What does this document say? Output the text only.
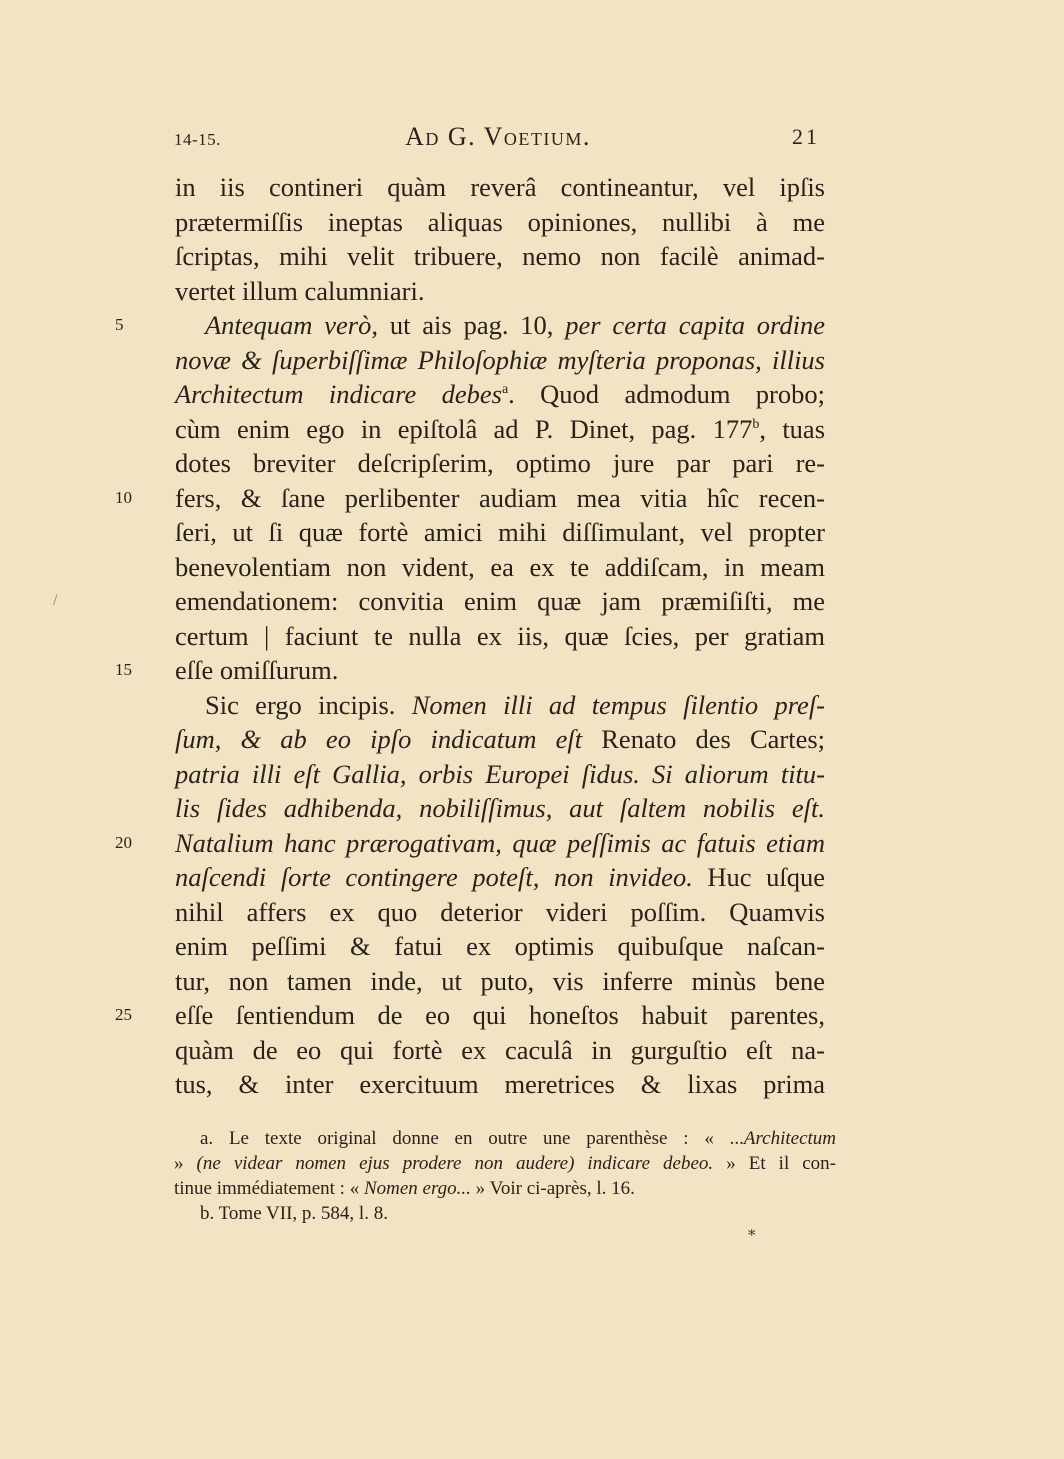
14-15.	Ad G. Voetium.	21
in iis contineri quàm reverâ contineantur, vel ipſis
prætermiſſis ineptas aliquas opiniones, nullibi à me
ſcriptas, mihi velit tribuere, nemo non facilè animad-
vertet illum calumniari.
5	Antequam verò, ut ais pag. 10, per certa capita ordine
novæ & ſuperbiſſimæ Philoſophiæ myſteria proponas, illius
Architectum indicare debes$^a$. Quod admodum probo;
cùm enim ego in epiſtolâ ad P. Dinet, pag. 177$^b$, tuas
dotes breviter deſcripſerim, optimo jure par pari re-
10	fers, & ſane perlibenter audiam mea vitia hîc recen-
ſeri, ut ſi quæ fortè amici mihi diſſimulant, vel propter
benevolentiam non vident, ea ex te addiſcam, in meam
/	emendationem: convitia enim quæ jam præmiſiſti, me
certum | faciunt te nulla ex iis, quæ ſcies, per gratiam
15	eſſe omiſſurum.
Sic ergo incipis. Nomen illi ad tempus ſilentio preſ-
ſum, & ab eo ipſo indicatum eſt Renato des Cartes;
patria illi eſt Gallia, orbis Europei ſidus. Si aliorum titu-
lis ſides adhibenda, nobiliſſimus, aut ſaltem nobilis eſt.
20	Natalium hanc prærogativam, quæ peſſimis ac fatuis etiam
naſcendi ſorte contingere poteſt, non invideo. Huc uſque
nihil affers ex quo deterior videri poſſim. Quamvis
enim peſſimi & fatui ex optimis quibuſque naſcan-
tur, non tamen inde, ut puto, vis inferre minùs bene
25	eſſe ſentiendum de eo qui honeſtos habuit parentes,
quàm de eo qui fortè ex caculâ in gurguſtio eſt na-
tus, & inter exercituum meretrices & lixas prima
a. Le texte original donne en outre une parenthèse : « ...Architectum
» (ne videar nomen ejus prodere non audere) indicare debeo. » Et il con-
tinue immédiatement : « Nomen ergo... » Voir ci-après, l. 16.
b. Tome VII, p. 584, l. 8.
*
